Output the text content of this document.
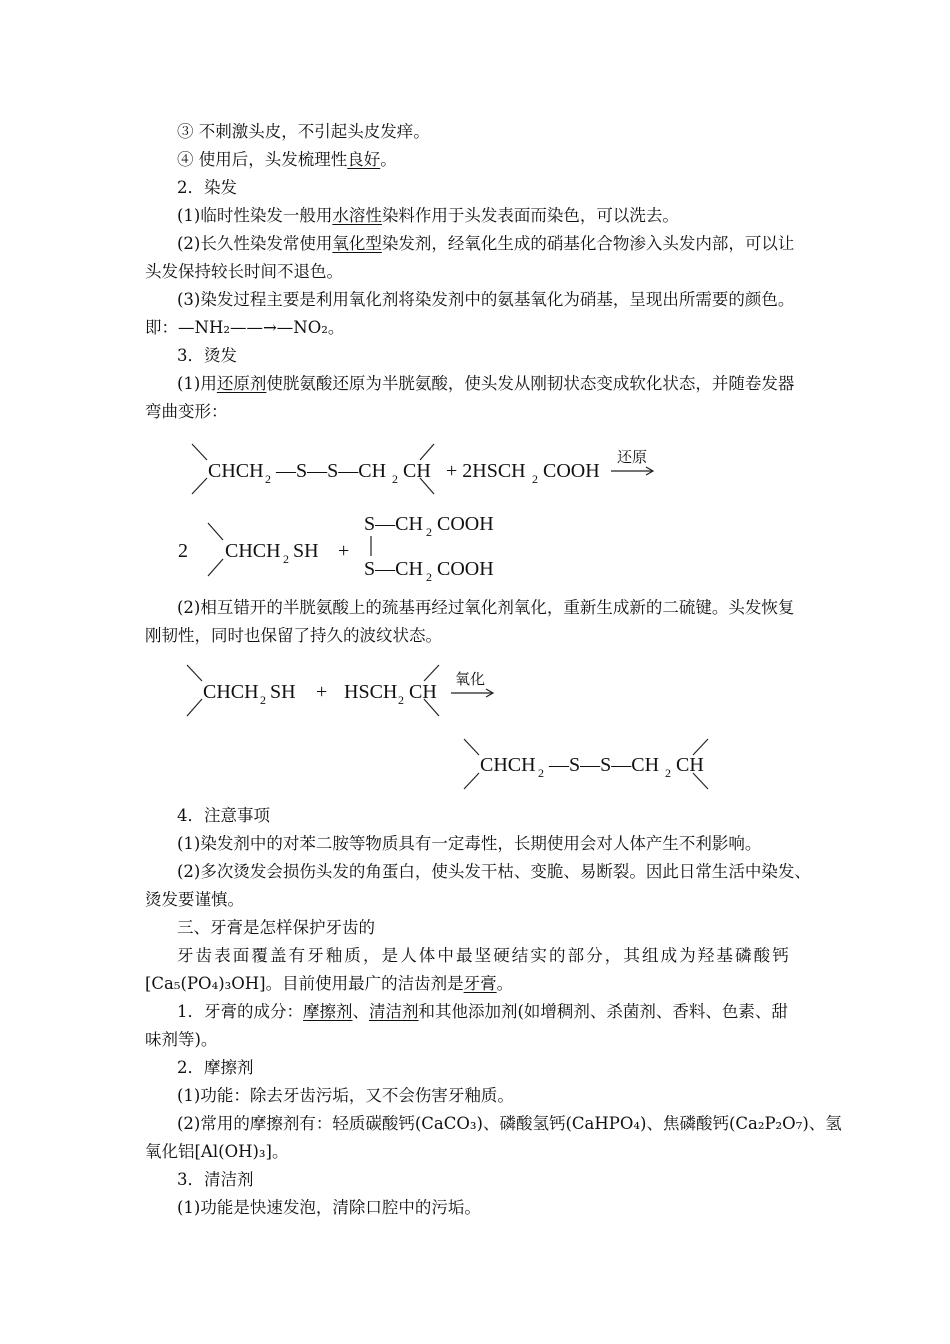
③ 不刺激头皮，不引起头皮发痒。
④ 使用后，头发梳理性良好。
2．染发
(1)临时性染发一般用水溶性染料作用于头发表面而染色，可以洗去。
(2)长久性染发常使用氧化型染发剂，经氧化生成的硝基化合物渗入头发内部，可以让
头发保持较长时间不退色。
(3)染发过程主要是利用氧化剂将染发剂中的氨基氧化为硝基，呈现出所需要的颜色。
即：—NH₂——→—NO₂。
3．烫发
(1)用还原剂使胱氨酸还原为半胱氨酸，使头发从刚韧状态变成软化状态，并随卷发器
弯曲变形：
CHCH 2 —S—S—CH 2 CH + 2HSCH 2 COOH
还原
2 CHCH 2 SH +
S—CH 2 COOH
S—CH 2 COOH
(2)相互错开的半胱氨酸上的巯基再经过氧化剂氧化，重新生成新的二硫键。头发恢复
刚韧性，同时也保留了持久的波纹状态。
CHCH 2 SH + HSCH 2 CH
氧化
CHCH 2 —S—S—CH 2 CH
4．注意事项
(1)染发剂中的对苯二胺等物质具有一定毒性，长期使用会对人体产生不利影响。
(2)多次烫发会损伤头发的角蛋白，使头发干枯、变脆、易断裂。因此日常生活中染发、
烫发要谨慎。
三、牙膏是怎样保护牙齿的
牙齿表面覆盖有牙釉质，是人体中最坚硬结实的部分，其组成为羟基磷酸钙
[Ca₅(PO₄)₃OH]。目前使用最广的洁齿剂是牙膏。
1．牙膏的成分：摩擦剂、清洁剂和其他添加剂(如增稠剂、杀菌剂、香料、色素、甜
味剂等)。
2．摩擦剂
(1)功能：除去牙齿污垢，又不会伤害牙釉质。
(2)常用的摩擦剂有：轻质碳酸钙(CaCO₃)、磷酸氢钙(CaHPO₄)、焦磷酸钙(Ca₂P₂O₇)、氢
氧化铝[Al(OH)₃]。
3．清洁剂
(1)功能是快速发泡，清除口腔中的污垢。
